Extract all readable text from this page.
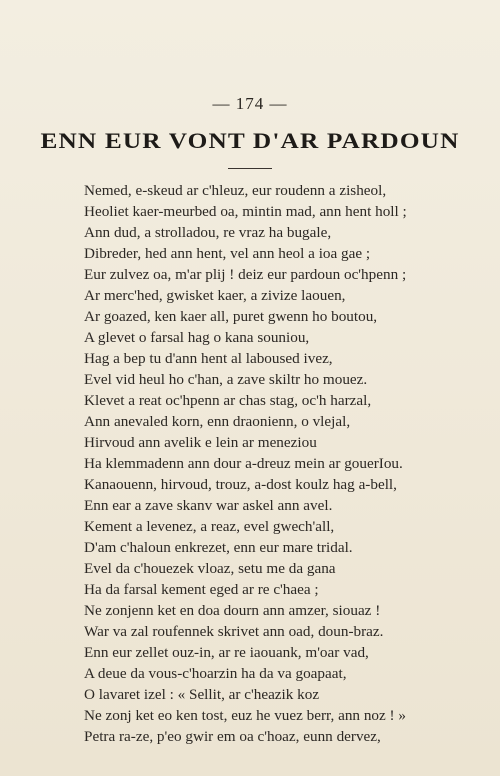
— 174 —
ENN EUR VONT D'AR PARDOUN
Nemed, e-skeud ar c'hleuz, eur roudenn a zisheol,
Heoliet kaer-meurbed oa, mintin mad, ann hent holl ;
Ann dud, a strolladou, re vraz ha bugale,
Dibreder, hed ann hent, vel ann heol a ioa gae ;
Eur zulvez oa, m'ar plij ! deiz eur pardoun oc'hpenn ;
Ar merc'hed, gwisket kaer, a zivize laouen,
Ar goazed, ken kaer all, puret gwenn ho boutou,
A glevet o farsal hag o kana souniou,
Hag a bep tu d'ann hent al laboused ivez,
Evel vid heul ho c'han, a zave skiltr ho mouez.
Klevet a reat oc'hpenn ar chas stag, oc'h harzal,
Ann anevaled korn, enn draonienn, o vlejal,
Hirvoud ann avelik e lein ar meneziou
Ha klemmadenn ann dour a-dreuz mein ar gouerIou.
Kanaouenn, hirvoud, trouz, a-dost koulz hag a-bell,
Enn ear a zave skanv war askel ann avel.
Kement a levenez, a reaz, evel gwech'all,
D'am c'haloun enkrezet, enn eur mare tridal.
Evel da c'houezek vloaz, setu me da gana
Ha da farsal kement eged ar re c'haea ;
Ne zonjenn ket en doa dourn ann amzer, siouaz !
War va zal roufennek skrivet ann oad, doun-braz.
Enn eur zellet ouz-in, ar re iaouank, m'oar vad,
A deue da vous-c'hoarzin ha da va goapaat,
O lavaret izel : « Sellit, ar c'heazik koz
Ne zonj ket eo ken tost, euz he vuez berr, ann noz ! »
Petra ra-ze, p'eo gwir em oa c'hoaz, eunn dervez,
